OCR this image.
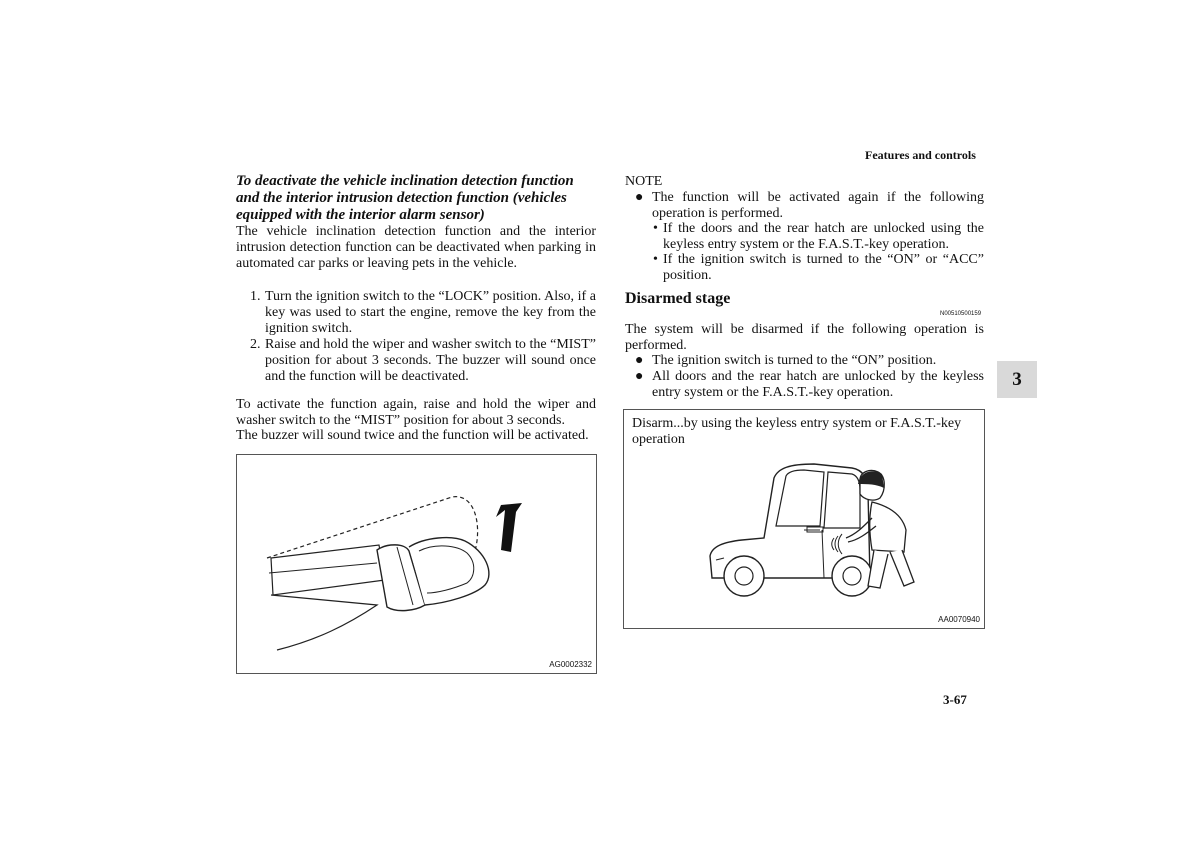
Features and controls
3
3-67
To deactivate the vehicle inclination detection function and the interior intrusion detection function (vehicles equipped with the interior alarm sensor)
The vehicle inclination detection function and the interior intrusion detection function can be deactivated when parking in automated car parks or leaving pets in the vehicle.
1. Turn the ignition switch to the “LOCK” position. Also, if a key was used to start the engine, remove the key from the ignition switch.
2. Raise and hold the wiper and washer switch to the “MIST” position for about 3 seconds. The buzzer will sound once and the function will be deactivated.
To activate the function again, raise and hold the wiper and washer switch to the “MIST” position for about 3 seconds.
The buzzer will sound twice and the function will be activated.
AG0002332
NOTE
● The function will be activated again if the following operation is performed.
• If the doors and the rear hatch are unlocked using the keyless entry system or the F.A.S.T.-key operation.
• If the ignition switch is turned to the “ON” or “ACC” position.
Disarmed stage
N00510500159
The system will be disarmed if the following operation is performed.
● The ignition switch is turned to the “ON” position.
● All doors and the rear hatch are unlocked by the keyless entry system or the F.A.S.T.-key operation.
Disarm...by using the keyless entry system or F.A.S.T.-key operation
AA0070940
